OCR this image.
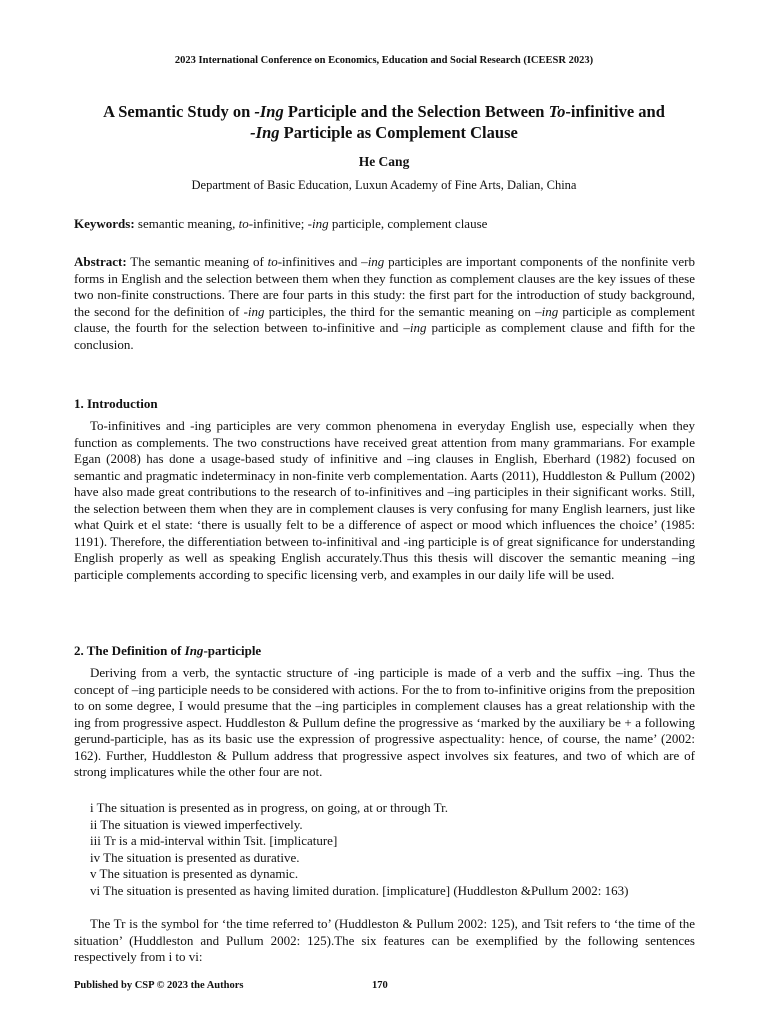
2023 International Conference on Economics, Education and Social Research (ICEESR 2023)
A Semantic Study on -Ing Participle and the Selection Between To-infinitive and
-Ing Participle as Complement Clause
He Cang
Department of Basic Education, Luxun Academy of Fine Arts, Dalian, China
Keywords: semantic meaning, to-infinitive; -ing participle, complement clause
Abstract: The semantic meaning of to-infinitives and –ing participles are important components of the nonfinite verb forms in English and the selection between them when they function as complement clauses are the key issues of these two non-finite constructions. There are four parts in this study: the first part for the introduction of study background, the second for the definition of -ing participles, the third for the semantic meaning on –ing participle as complement clause, the fourth for the selection between to-infinitive and –ing participle as complement clause and fifth for the conclusion.
1. Introduction
To-infinitives and -ing participles are very common phenomena in everyday English use, especially when they function as complements. The two constructions have received great attention from many grammarians. For example Egan (2008) has done a usage-based study of infinitive and –ing clauses in English, Eberhard (1982) focused on semantic and pragmatic indeterminacy in non-finite verb complementation. Aarts (2011), Huddleston & Pullum (2002) have also made great contributions to the research of to-infinitives and –ing participles in their significant works. Still, the selection between them when they are in complement clauses is very confusing for many English learners, just like what Quirk et el state: ‘there is usually felt to be a difference of aspect or mood which influences the choice’ (1985: 1191). Therefore, the differentiation between to-infinitival and -ing participle is of great significance for understanding English properly as well as speaking English accurately.Thus this thesis will discover the semantic meaning –ing participle complements according to specific licensing verb, and examples in our daily life will be used.
2. The Definition of Ing-participle
Deriving from a verb, the syntactic structure of -ing participle is made of a verb and the suffix –ing. Thus the concept of –ing participle needs to be considered with actions. For the to from to-infinitive origins from the preposition to on some degree, I would presume that the –ing participles in complement clauses has a great relationship with the ing from progressive aspect. Huddleston & Pullum define the progressive as ‘marked by the auxiliary be + a following gerund-participle, has as its basic use the expression of progressive aspectuality: hence, of course, the name’ (2002: 162). Further, Huddleston & Pullum address that progressive aspect involves six features, and two of which are of strong implicatures while the other four are not.
i The situation is presented as in progress, on going, at or through Tr.
ii The situation is viewed imperfectively.
iii Tr is a mid-interval within Tsit. [implicature]
iv The situation is presented as durative.
v The situation is presented as dynamic.
vi The situation is presented as having limited duration. [implicature] (Huddleston &Pullum 2002: 163)
The Tr is the symbol for ‘the time referred to’ (Huddleston & Pullum 2002: 125), and Tsit refers to ‘the time of the situation’ (Huddleston and Pullum 2002: 125).The six features can be exemplified by the following sentences respectively from i to vi:
Published by CSP © 2023 the Authors	170
